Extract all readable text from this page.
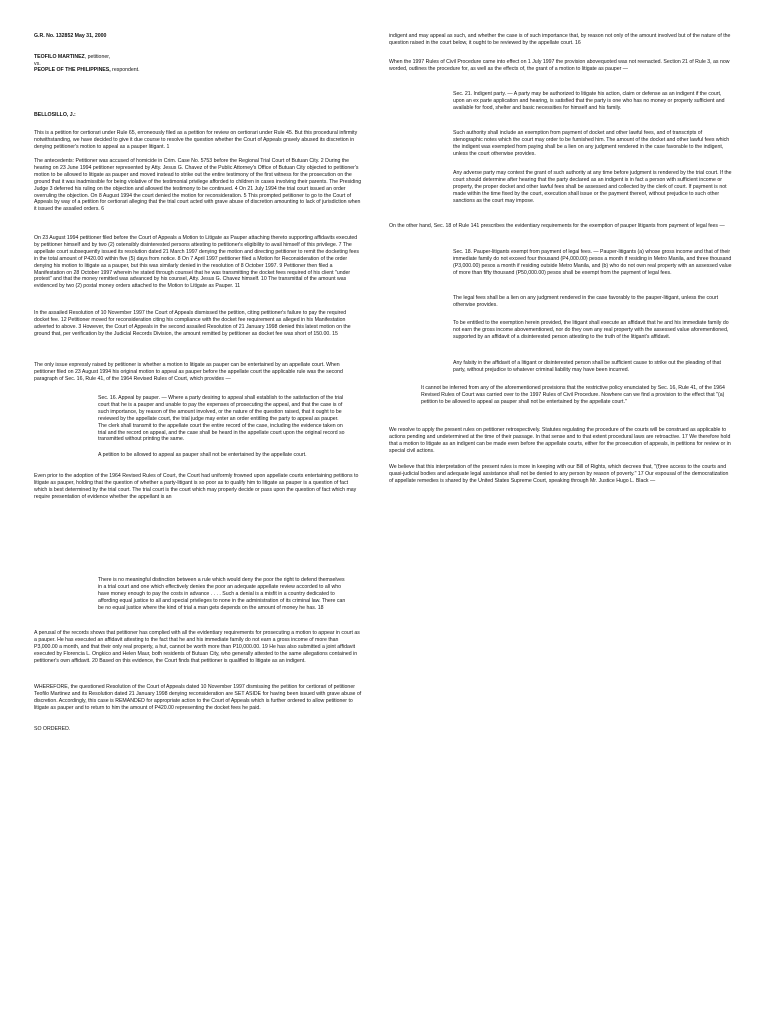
G.R. No. 132852 May 31, 2000

TEOFILO MARTINEZ, petitioner,

vs.

PEOPLE OF THE PHILIPPINES, respondent.

BELLOSILLO, J.:

This is a petition for certiorari under Rule 65, erroneously filed as a petition for review on certiorari under Rule 45. But this procedural infirmity notwithstanding, we have decided to give it due course to resolve the question whether the Court of Appeals gravely abused its discretion in denying petitioner's motion to appeal as a pauper litigant. 1

The antecedents: Petitioner was accused of homicide in Crim. Case No. 5753 before the Regional Trial Court of Butuan City. 2 During the hearing on 23 June 1994 petitioner represented by Atty. Jesus G. Chavez of the Public Attorney's Office of Butuan City objected to petitioner's motion to be allowed to litigate as pauper and moved instead to strike out the entire testimony of the first witness for the prosecution on the ground that it was inadmissible for being violative of the testimonial privilege afforded to children in cases involving their parents. The Presiding Judge 3 deferred his ruling on the objection and allowed the testimony to be continued. 4 On 21 July 1994 the trial court issued an order overruling the objection. On 8 August 1994 the court denied the motion for reconsideration. 5 This prompted petitioner to go to the Court of Appeals by way of a petition for certiorari alleging that the trial court acted with grave abuse of discretion amounting to lack of jurisdiction when it issued the assailed orders. 6

On 23 August 1994 petitioner filed before the Court of Appeals a Motion to Litigate as Pauper attaching thereto supporting affidavits executed by petitioner himself and by two (2) ostensibly disinterested persons attesting to petitioner's eligibility to avail himself of this privilege. 7 The appellate court subsequently issued its resolution dated 21 March 1997 denying the motion and directing petitioner to remit the docketing fees in the total amount of P420.00 within five (5) days from notice. 8 On 7 April 1997 petitioner filed a Motion for Reconsideration of the order denying his motion to litigate as a pauper, but this was similarly denied in the resolution of 8 October 1997. 9 Petitioner then filed a Manifestation on 28 October 1997 wherein he stated through counsel that he was transmitting the docket fees required of his client "under protest" and that the money remitted was advanced by his counsel, Atty. Jesus G. Chavez himself. 10 The transmittal of the amount was evidenced by two (2) postal money orders attached to the Motion to Litigate as Pauper. 11

In the assailed Resolution of 10 November 1997 the Court of Appeals dismissed the petition, citing petitioner's failure to pay the required docket fee. 12 Petitioner moved for reconsideration citing his compliance with the docket fee requirement as alleged in his Manifestation adverted to above. 3 However, the Court of Appeals in the second assailed Resolution of 21 January 1998 denied this latest motion on the ground that, per verification by the Judicial Records Division, the amount remitted by petitioner as docket fee was short of 150.00. 15

The only issue expressly raised by petitioner is whether a motion to litigate as pauper can be entertained by an appellate court. When petitioner filed on 23 August 1994 his original motion to appeal as pauper before the appellate court the applicable rule was the second paragraph of Sec. 16, Rule 41, of the 1964 Revised Rules of Court, which provides —

Sec. 16. Appeal by pauper. — Where a party desiring to appeal shall establish to the satisfaction of the trial court that he is a pauper and unable to pay the expenses of prosecuting the appeal, and that the case is of such importance, by reason of the amount involved, or the nature of the question raised, that it ought to be reviewed by the appellate court, the trial judge may enter an order entitling the party to appeal as pauper. The clerk shall transmit to the appellate court the entire record of the case, including the evidence taken on trial and the record on appeal, and the case shall be heard in the appellate court upon the original record so transmitted without printing the same.

A petition to be allowed to appeal as pauper shall not be entertained by the appellate court.

Even prior to the adoption of the 1964 Revised Rules of Court, the Court had uniformly frowned upon appellate courts entertaining petitions to litigate as pauper, holding that the question of whether a party-litigant is so poor as to qualify him to litigate as pauper is a question of fact which is best determined by the trial court. The trial court is the court which may properly decide or pass upon the question of fact which may require presentation of evidence whether the appellant is an

There is no meaningful distinction between a rule which would deny the poor the right to defend themselves in a trial court and one which effectively denies the poor an adequate appellate review accorded to all who have money enough to pay the costs in advance . . . . Such a denial is a misfit in a country dedicated to affording equal justice to all and special privileges to none in the administration of its criminal law. There can be no equal justice where the kind of trial a man gets depends on the amount of money he has. 18

A perusal of the records shows that petitioner has complied with all the evidentiary requirements for prosecuting a motion to appear in court as a pauper. He has executed an affidavit attesting to the fact that he and his immediate family do not earn a gross income of more than P3,000.00 a month, and that their only real property, a hut, cannot be worth more than P10,000.00. 19 He has also submitted a joint affidavit executed by Florencia L. Ongkico and Helen Maur, both residents of Butuan City, who generally attested to the same allegations contained in petitioner's own affidavit. 20 Based on this evidence, the Court finds that petitioner is qualified to litigate as an indigent.

WHEREFORE, the questioned Resolution of the Court of Appeals dated 10 November 1997 dismissing the petition for certiorari of petitioner Teofilo Martinez and its Resolution dated 21 January 1998 denying reconsideration are SET ASIDE for having been issued with grave abuse of discretion. Accordingly, this case is REMANDED for appropriate action to the Court of Appeals which is further ordered to allow petitioner to litigate as pauper and to return to him the amount of P420.00 representing the docket fees he paid.

SO ORDERED.

indigent and may appeal as such, and whether the case is of such importance that, by reason not only of the amount involved but of the nature of the question raised in the court below, it ought to be reviewed by the appellate court. 16

When the 1997 Rules of Civil Procedure came into effect on 1 July 1997 the provision abovequoted was not reenacted. Section 21 of Rule 3, as now worded, outlines the procedure for, as well as the effects of, the grant of a motion to litigate as pauper —

Sec. 21. Indigent party. — A party may be authorized to litigate his action, claim or defense as an indigent if the court, upon an ex parte application and hearing, is satisfied that the party is one who has no money or property sufficient and available for food, shelter and basic necessities for himself and his family.

Such authority shall include an exemption from payment of docket and other lawful fees, and of transcripts of stenographic notes which the court may order to be furnished him. The amount of the docket and other lawful fees which the indigent was exempted from paying shall be a lien on any judgment rendered in the case favorable to the indigent, unless the court otherwise provides.

Any adverse party may contest the grant of such authority at any time before judgment is rendered by the trial court. If the court should determine after hearing that the party declared as an indigent is in fact a person with sufficient income or property, the proper docket and other lawful fees shall be assessed and collected by the clerk of court. If payment is not made within the time fixed by the court, execution shall issue or the payment thereof, without prejudice to such other sanctions as the court may impose.

On the other hand, Sec. 18 of Rule 141 prescribes the evidentiary requirements for the exemption of pauper litigants from payment of legal fees —

Sec. 18. Pauper-litigants exempt from payment of legal fees. — Pauper-litigants (a) whose gross income and that of their immediate family do not exceed four thousand (P4,000.00) pesos a month if residing in Metro Manila, and three thousand (P3,000.00) pesos a month if residing outside Metro Manila, and (b) who do not own real property with an assessed value of more than fifty thousand (P50,000.00) pesos shall be exempt from the payment of legal fees.

The legal fees shall be a lien on any judgment rendered in the case favorably to the pauper-litigant, unless the court otherwise provides.

To be entitled to the exemption herein provided, the litigant shall execute an affidavit that he and his immediate family do not earn the gross income abovementioned, nor do they own any real property with the assessed value aforementioned, supported by an affidavit of a disinterested person attesting to the truth of the litigant's affidavit.

Any falsity in the affidavit of a litigant or disinterested person shall be sufficient cause to strike out the pleading of that party, without prejudice to whatever criminal liability may have been incurred.

It cannot be inferred from any of the aforementioned provisions that the restrictive policy enunciated by Sec. 16, Rule 41, of the 1964 Revised Rules of Court was carried over to the 1997 Rules of Civil Procedure. Nowhere can we find a provision to the effect that "(a) petition to be allowed to appeal as pauper shall not be entertained by the appellate court."

We resolve to apply the present rules on petitioner retrospectively. Statutes regulating the procedure of the courts will be construed as applicable to actions pending and undetermined at the time of their passage. In that sense and to that extent procedural laws are retroactive. 17 We therefore hold that a motion to litigate as an indigent can be made even before the appellate courts, either for the prosecution of appeals, in petitions for review or in special civil actions.

We believe that this interpretation of the present rules is more in keeping with our Bill of Rights, which decrees that, "(f)ree access to the courts and quasi-judicial bodies and adequate legal assistance shall not be denied to any person by reason of poverty." 17 Our espousal of the democratization of appellate remedies is shared by the United States Supreme Court, speaking through Mr. Justice Hugo L. Black —
